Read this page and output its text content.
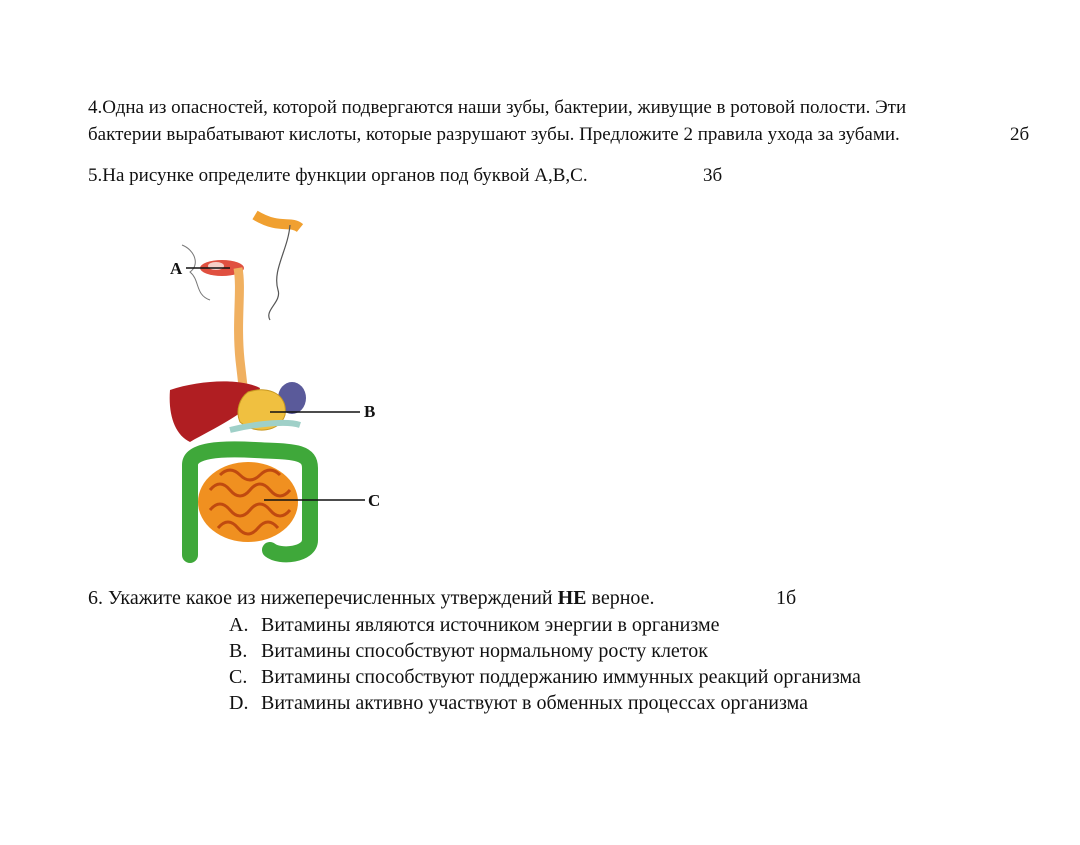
4.Одна из опасностей, которой подвергаются наши зубы, бактерии, живущие в ротовой полости. Эти
бактерии вырабатывают кислоты, которые разрушают зубы. Предложите 2 правила ухода за зубами.	2б
5.На рисунке определите функции органов под буквой А,В,С.	3б
A
B
C
6. Укажите какое из нижеперечисленных утверждений НЕ верное.	1б
A. Витамины являются источником энергии в организме
B. Витамины способствуют нормальному росту клеток
C. Витамины способствуют поддержанию иммунных реакций организма
D. Витамины активно участвуют в обменных процессах организма
